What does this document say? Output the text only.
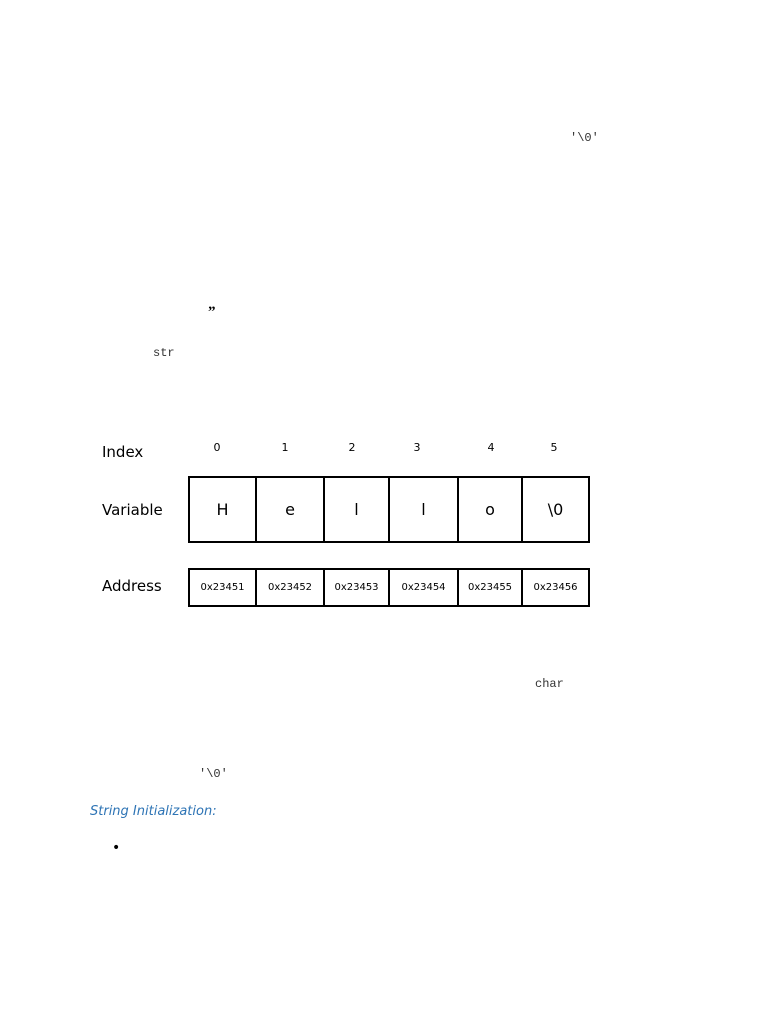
'\0'
”
str
Index
Variable
Address
0	1	2	3	4	5
H	e	l	l	o	\0
0x23451	0x23452	0x23453	0x23454	0x23455	0x23456
char
'\0'
String Initialization:
•
